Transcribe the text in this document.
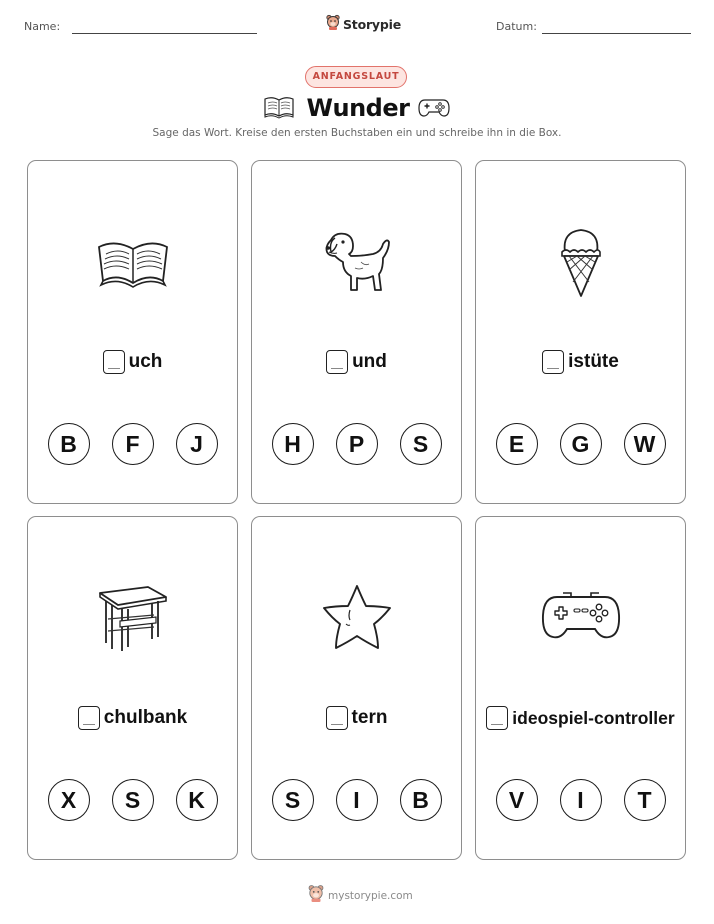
Name:	Storypie	Datum:
ANFANGSLAUT
Wunder
Sage das Wort. Kreise den ersten Buchstaben ein und schreibe ihn in die Box.
uch
B	F	J
und
H	P	S
istüte
E	G	W
chulbank
X	S	K
tern
S	I	B
ideospiel-controller
V	I	T
mystorypie.com
